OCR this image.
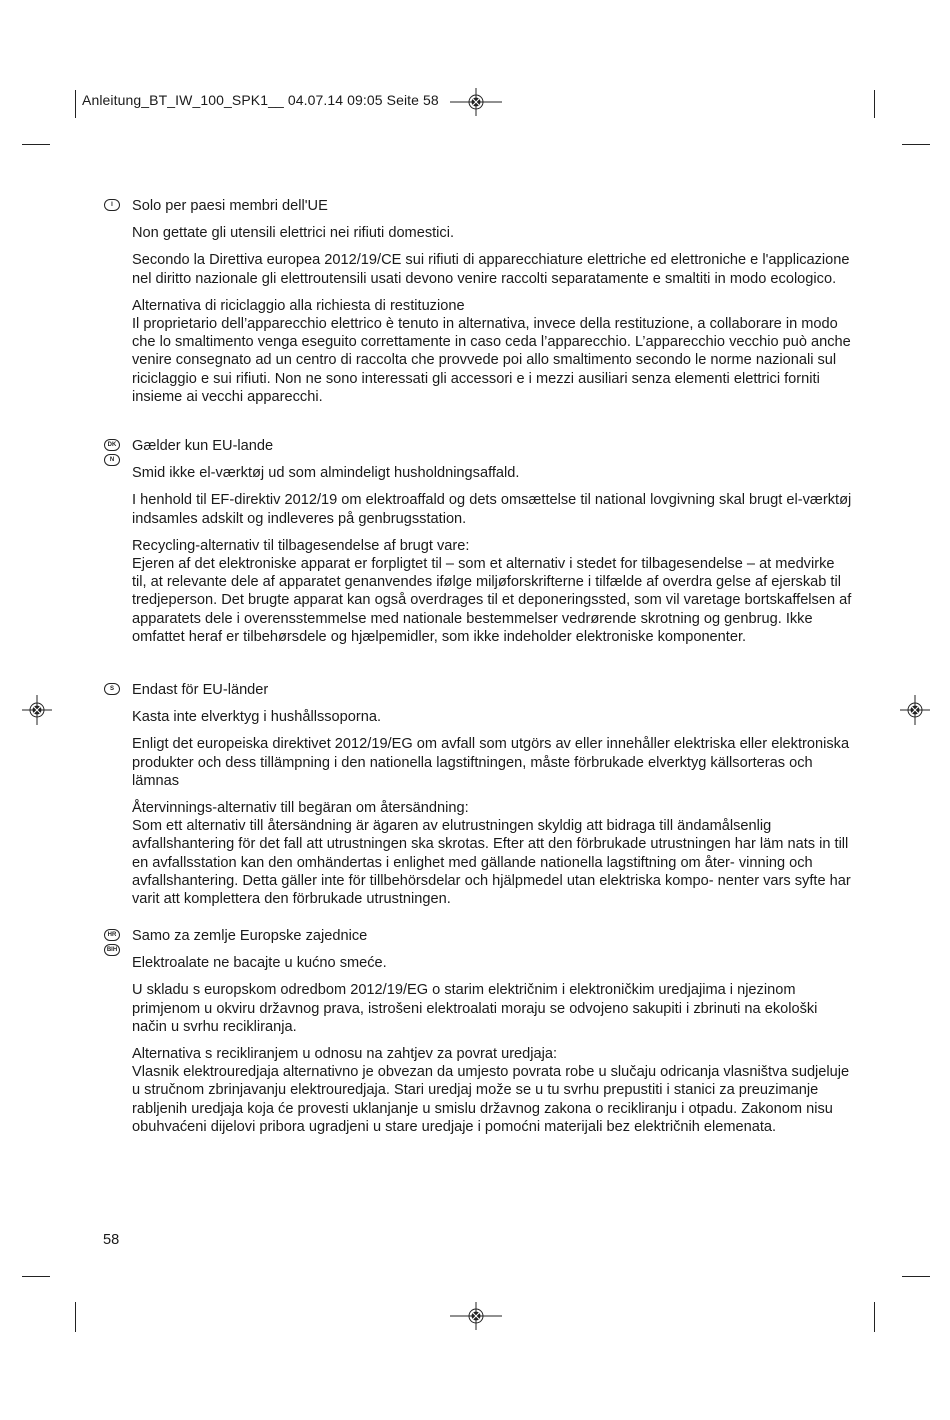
Anleitung_BT_IW_100_SPK1__ 04.07.14 09:05 Seite 58
I	Solo per paesi membri dell'UE

Non gettate gli utensili elettrici nei rifiuti domestici.

Secondo la Direttiva europea 2012/19/CE sui rifiuti di apparecchiature elettriche ed elettroniche e l'applicazione nel diritto nazionale gli elettroutensili usati devono venire raccolti separatamente e smaltiti in modo ecologico.

Alternativa di riciclaggio alla richiesta di restituzione
Il proprietario dell’apparecchio elettrico è tenuto in alternativa, invece della restituzione, a collaborare in modo che lo smaltimento venga eseguito correttamente in caso ceda l’apparecchio. L’apparecchio vecchio può anche venire consegnato ad un centro di raccolta che provvede poi allo smaltimento secondo le norme nazionali sul riciclaggio e sui rifiuti. Non ne sono interessati gli accessori e i mezzi ausiliari senza elementi elettrici forniti insieme ai vecchi apparecchi.

DK
N

Gælder kun EU-lande

Smid ikke el-værktøj ud som almindeligt husholdningsaffald.

I henhold til EF-direktiv 2012/19 om elektroaffald og dets omsættelse til national lovgivning skal brugt el-værktøj indsamles adskilt og indleveres på genbrugsstation.

Recycling-alternativ til tilbagesendelse af brugt vare:
Ejeren af det elektroniske apparat er forpligtet til – som et alternativ i stedet for tilbagesendelse – at medvirke til, at relevante dele af apparatet genanvendes ifølge miljøforskrifterne i tilfælde af overdra gelse af ejerskab til tredjeperson. Det brugte apparat kan også overdrages til et deponeringssted, som vil varetage bortskaffelsen af apparatets dele i overensstemmelse med nationale bestemmelser vedrørende skrotning og genbrug. Ikke omfattet heraf er tilbehørsdele og hjælpemidler, som ikke indeholder elektroniske komponenter.

S	Endast för EU-länder

Kasta inte elverktyg i hushållssoporna.

Enligt det europeiska direktivet 2012/19/EG om avfall som utgörs av eller innehåller elektriska eller elektroniska produkter och dess tillämpning i den nationella lagstiftningen, måste förbrukade elverktyg källsorteras och lämnas

Återvinnings-alternativ till begäran om återsändning:
Som ett alternativ till återsändning är ägaren av elutrustningen skyldig att bidraga till ändamålsenlig avfallshantering för det fall att utrustningen ska skrotas. Efter att den förbrukade utrustningen har läm nats in till en avfallsstation kan den omhändertas i enlighet med gällande nationella lagstiftning om åter- vinning och avfallshantering. Detta gäller inte för tillbehörsdelar och hjälpmedel utan elektriska kompo- nenter vars syfte har varit att komplettera den förbrukade utrustningen.

HR
BIH

Samo za zemlje Europske zajednice

Elektroalate ne bacajte u kućno smeće.

U skladu s europskom odredbom 2012/19/EG o starim električnim i elektroničkim uredjajima i njezinom primjenom u okviru državnog prava, istrošeni elektroalati moraju se odvojeno sakupiti i zbrinuti na ekološki način u svrhu recikliranja.

Alternativa s recikliranjem u odnosu na zahtjev za povrat uredjaja:
Vlasnik elektrouredjaja alternativno je obvezan da umjesto povrata robe u slučaju odricanja vlasništva sudjeluje u stručnom zbrinjavanju elektrouredjaja. Stari uredjaj može se u tu svrhu prepustiti i stanici za preuzimanje rabljenih uredjaja koja će provesti uklanjanje u smislu državnog zakona o recikliranju i otpadu. Zakonom nisu obuhvaćeni dijelovi pribora ugradjeni u stare uredjaje i pomoćni materijali bez električnih elemenata.

58
